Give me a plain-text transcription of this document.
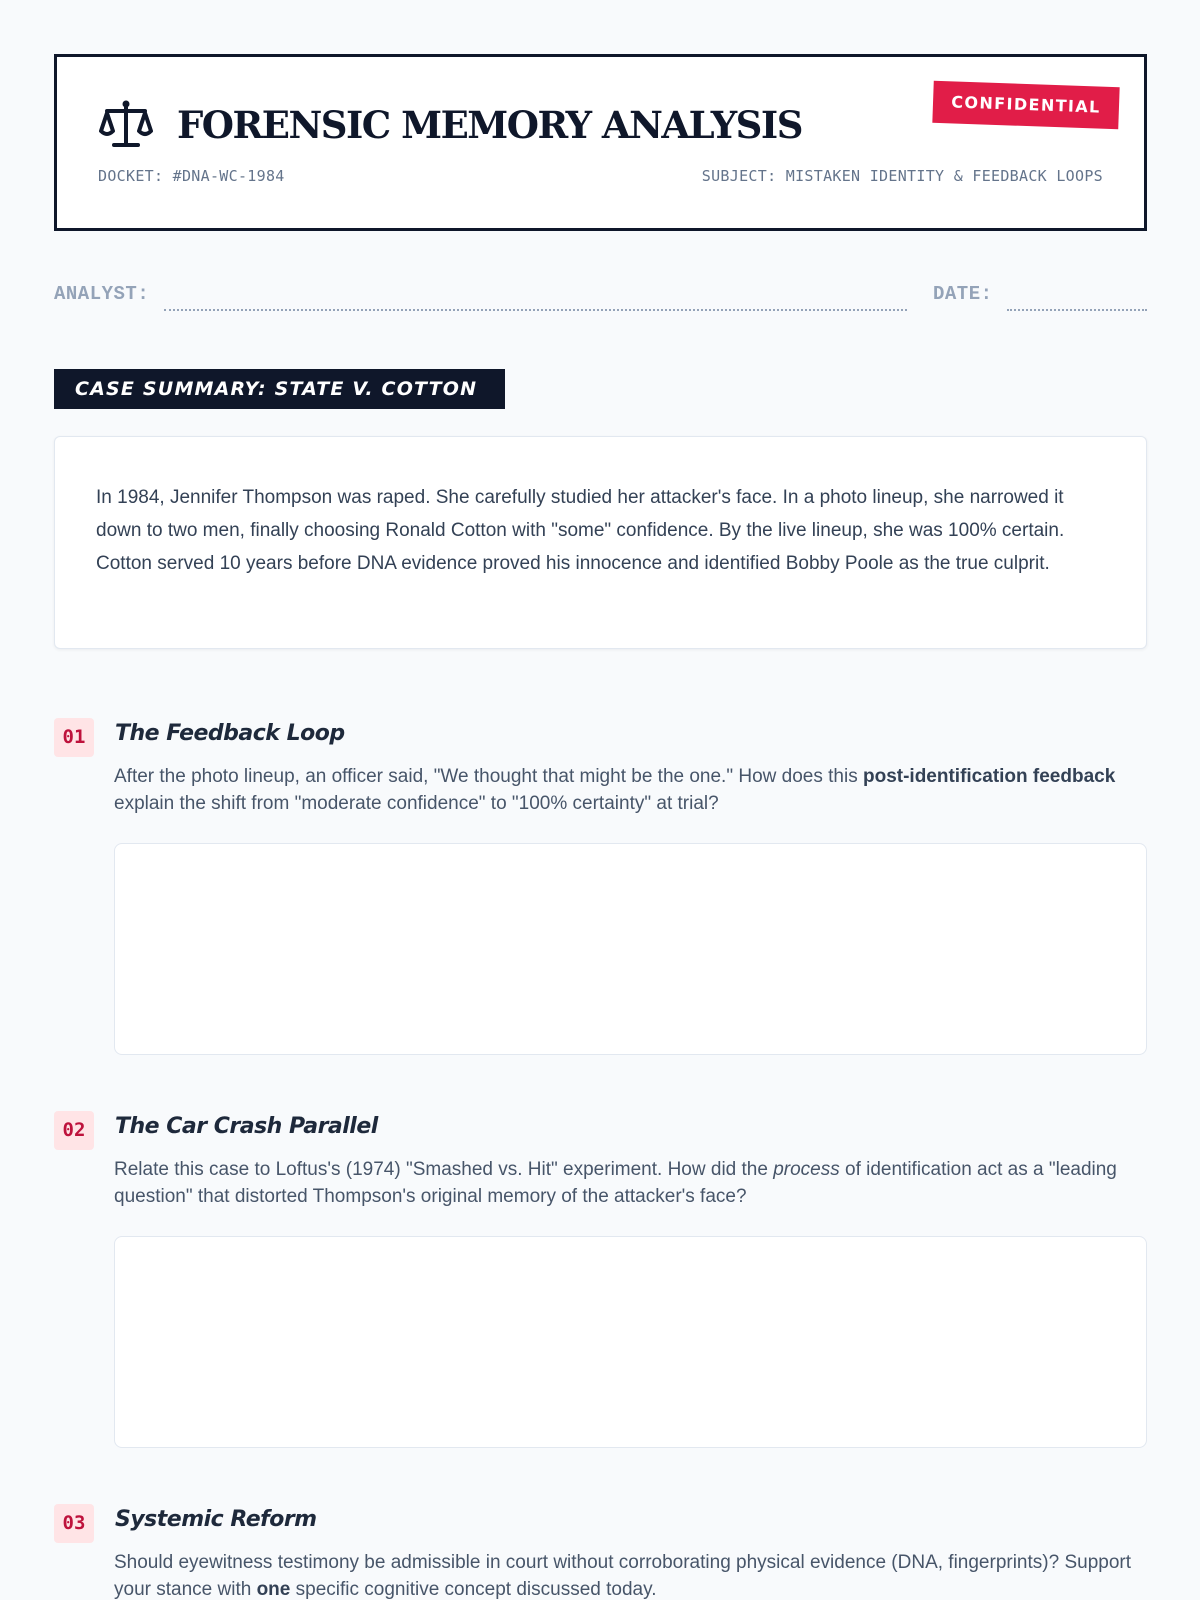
FORENSIC MEMORY ANALYSIS	CONFIDENTIAL
DOCKET: #DNA-WC-1984	SUBJECT: MISTAKEN IDENTITY & FEEDBACK LOOPS
ANALYST:	DATE:
CASE SUMMARY: STATE V. COTTON

In 1984, Jennifer Thompson was raped. She carefully studied her attacker's face. In a photo lineup, she narrowed it down to two men, finally choosing Ronald Cotton with "some" confidence. By the live lineup, she was 100% certain. Cotton served 10 years before DNA evidence proved his innocence and identified Bobby Poole as the true culprit.

01	The Feedback Loop
After the photo lineup, an officer said, "We thought that might be the one." How does this post-identification feedback explain the shift from "moderate confidence" to "100% certainty" at trial?
02	The Car Crash Parallel
Relate this case to Loftus's (1974) "Smashed vs. Hit" experiment. How did the process of identification act as a "leading question" that distorted Thompson's original memory of the attacker's face?
03	Systemic Reform
Should eyewitness testimony be admissible in court without corroborating physical evidence (DNA, fingerprints)? Support your stance with one specific cognitive concept discussed today.
